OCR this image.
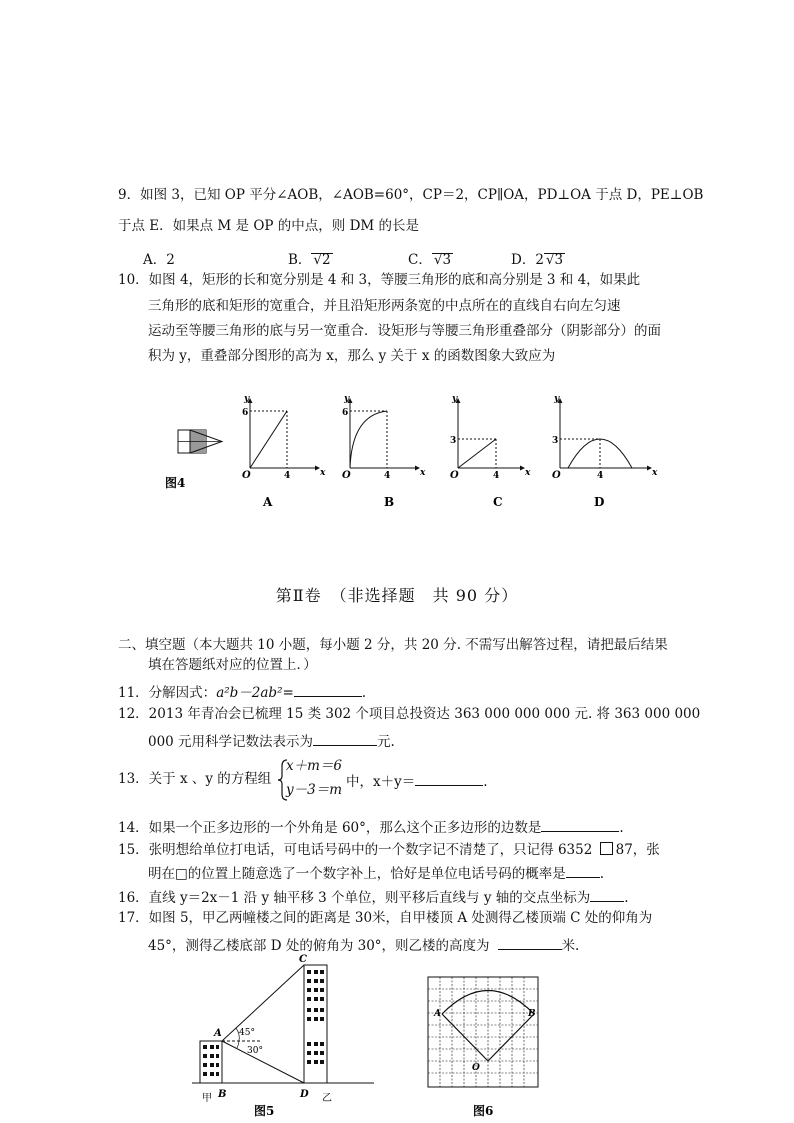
9．如图 3，已知 OP 平分∠AOB，∠AOB=60°，CP＝2，CP∥OA，PD⊥OA 于点 D，PE⊥OB
于点 E．如果点 M 是 OP 的中点，则 DM 的长是
A．2	B． √2	C． √3	D．2 √3
10．如图 4，矩形的长和宽分别是 4 和 3，等腰三角形的底和高分别是 3 和 4，如果此
三角形的底和矩形的宽重合，并且沿矩形两条宽的中点所在的直线自右向左匀速
运动至等腰三角形的底与另一宽重合．设矩形与等腰三角形重叠部分（阴影部分）的面
积为 y，重叠部分图形的高为 x，那么 y 关于 x 的函数图象大致应为
图4
y
x
O
6
4
A
y
x
O
6
4
B
y
x
O
3
4
C
y
x
O
3
4
D
第Ⅱ卷　（非选择题　共 90 分）
二、填空题（本大题共 10 小题，每小题 2 分，共 20 分. 不需写出解答过程，请把最后结果
填在答题纸对应的位置上．）
11．分解因式：a²b－2ab²=	.
12．2013 年青冶会已梳理 15 类 302 个项目总投资达 363 000 000 000 元. 将 363 000 000
000 元用科学记数法表示为	元.
13．关于 x 、y 的方程组
x＋m＝6
y－3＝m 中，x＋y＝	.
14．如果一个正多边形的一个外角是 60°，那么这个正多边形的边数是	.
15．张明想给单位打电话，可电话号码中的一个数字记不清楚了，只记得 6352 87，张
明在□的位置上随意选了一个数字补上，恰好是单位电话号码的概率是	.
16．直线 y＝2x－1 沿 y 轴平移 3 个单位，则平移后直线与 y 轴的交点坐标为	.
17．如图 5，甲乙两幢楼之间的距离是 30米，自甲楼顶 A 处测得乙楼顶端 C 处的仰角为
45°，测得乙楼底部 D 处的俯角为 30°，则乙楼的高度为	米.
A
B
C
D
45°
30°
甲	乙
图5
A	B
O
图6
